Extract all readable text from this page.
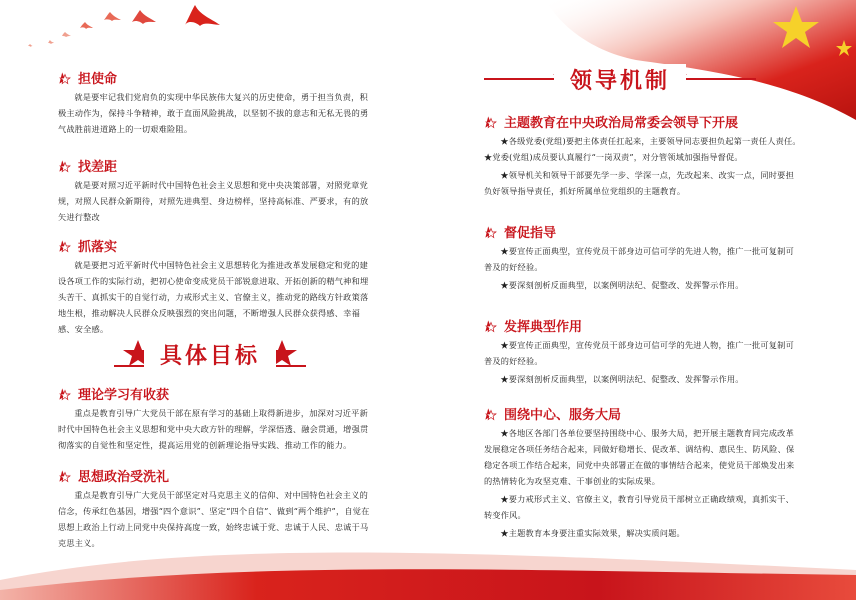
担使命

就是要牢记我们党肩负的实现中华民族伟大复兴的历史使命，勇于担当负责，积极主动作为，保持斗争精神，敢于直面风险挑战，以坚韧不拔的意志和无私无畏的勇气战胜前进道路上的一切艰难险阻。

找差距

就是要对照习近平新时代中国特色社会主义思想和党中央决策部署，对照党章党规，对照人民群众新期待，对照先进典型、身边榜样，坚持高标准、严要求，有的放矢进行整改

抓落实

就是要把习近平新时代中国特色社会主义思想转化为推进改革发展稳定和党的建设各项工作的实际行动，把初心使命变成党员干部锐意进取、开拓创新的精气神和埋头苦干、真抓实干的自觉行动，力戒形式主义、官僚主义，推动党的路线方针政策落地生根，推动解决人民群众反映强烈的突出问题，不断增强人民群众获得感、幸福感、安全感。

具体目标
理论学习有收获

重点是教育引导广大党员干部在原有学习的基础上取得新进步，加深对习近平新时代中国特色社会主义思想和党中央大政方针的理解，学深悟透、融会贯通，增强贯彻落实的自觉性和坚定性，提高运用党的创新理论指导实践、推动工作的能力。

思想政治受洗礼

重点是教育引导广大党员干部坚定对马克思主义的信仰、对中国特色社会主义的信念，传承红色基因，增强“四个意识”、坚定“四个自信”、做到“两个维护”，自觉在思想上政治上行动上同党中央保持高度一致，始终忠诚于党、忠诚于人民、忠诚于马克思主义。

领导机制
主题教育在中央政治局常委会领导下开展

★各级党委(党组)要把主体责任扛起来，主要领导同志要担负起第一责任人责任。★党委(党组)成员要认真履行“一岗双责”，对分管领域加强指导督促。

★领导机关和领导干部要先学一步、学深一点，先改起来、改实一点，同时要担负好领导指导责任，抓好所属单位党组织的主题教育。

督促指导

★要宣传正面典型，宣传党员干部身边可信可学的先进人物，推广一批可复制可普及的好经验。

★要深刻剖析反面典型，以案例明法纪、促整改、发挥警示作用。

发挥典型作用

★要宣传正面典型，宣传党员干部身边可信可学的先进人物，推广一批可复制可普及的好经验。

★要深刻剖析反面典型，以案例明法纪、促整改、发挥警示作用。

围绕中心、服务大局

★各地区各部门各单位要坚持围绕中心、服务大局，把开展主题教育同完成改革发展稳定各项任务结合起来，同做好稳增长、促改革、调结构、惠民生、防风险、保稳定各项工作结合起来，同党中央部署正在做的事情结合起来，使党员干部焕发出来的热情转化为攻坚克难、干事创业的实际成果。

★要力戒形式主义、官僚主义，教育引导党员干部树立正确政绩观，真抓实干、转变作风。

★主题教育本身要注重实际效果，解决实质问题。
